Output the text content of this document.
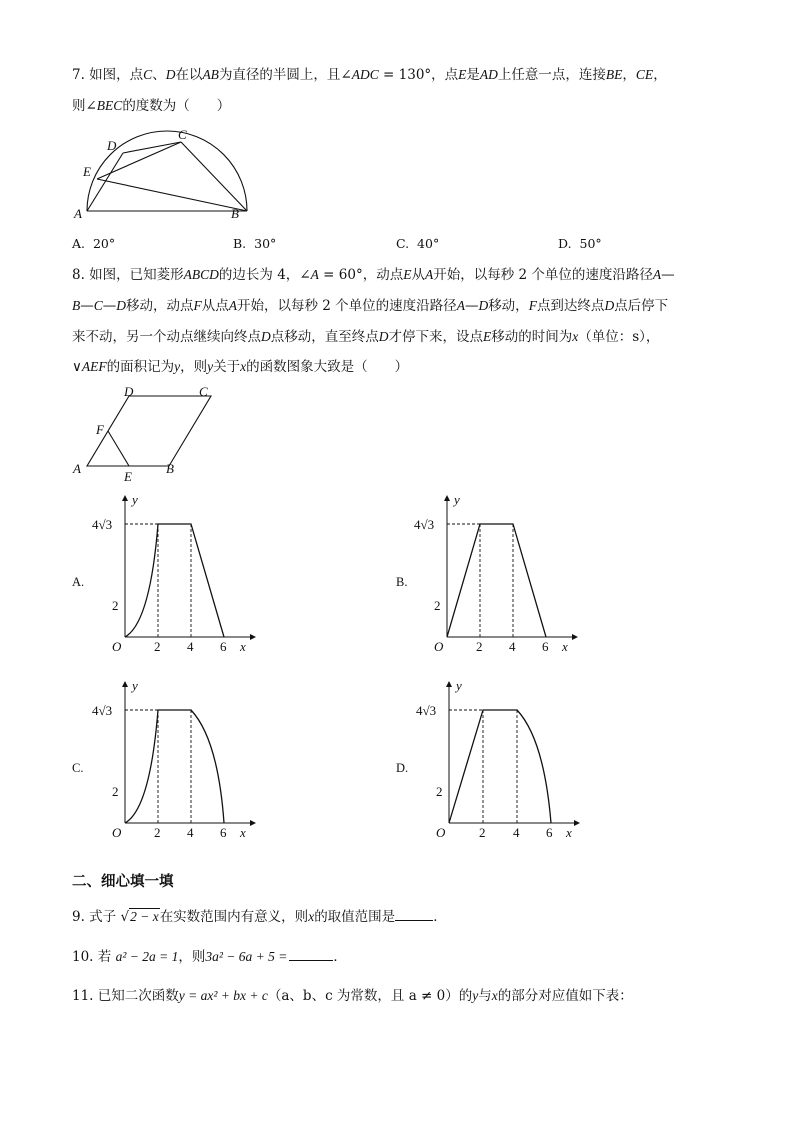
7. 如图，点C、D在以AB为直径的半圆上，且∠ADC = 130°，点E是AD上任意一点，连接BE，CE，
则∠BEC的度数为（　　）
A	B
C
D
E
A. 20°	B. 30°	C. 40°	D. 50°
8. 如图，已知菱形ABCD的边长为 4，∠A = 60°，动点E从A开始，以每秒 2 个单位的速度沿路径A—
B—C—D移动，动点F从点A开始，以每秒 2 个单位的速度沿路径A—D移动，F点到达终点D点后停下
来不动，另一个动点继续向终点D点移动，直至终点D才停下来，设点E移动的时间为x（单位：s），
∨AEF的面积记为y，则y关于x的函数图象大致是（　　）
A	B
C
D
E
F
A.
4√3
2
O	2 4 6 x
y
B.
4√3
2
O	2 4 6 x
y
C.
4√3
2
O	2 4 6 x
y
D.
4√3
2
O	2 4 6 x
y
二、细心填一填
9. 式子 √2 − x在实数范围内有意义，则x的取值范围是	．
10. 若 a² − 2a = 1，则3a² − 6a + 5 =	．
11. 已知二次函数y = ax² + bx + c（a、b、c 为常数，且 a ≠ 0）的y与x的部分对应值如下表：
